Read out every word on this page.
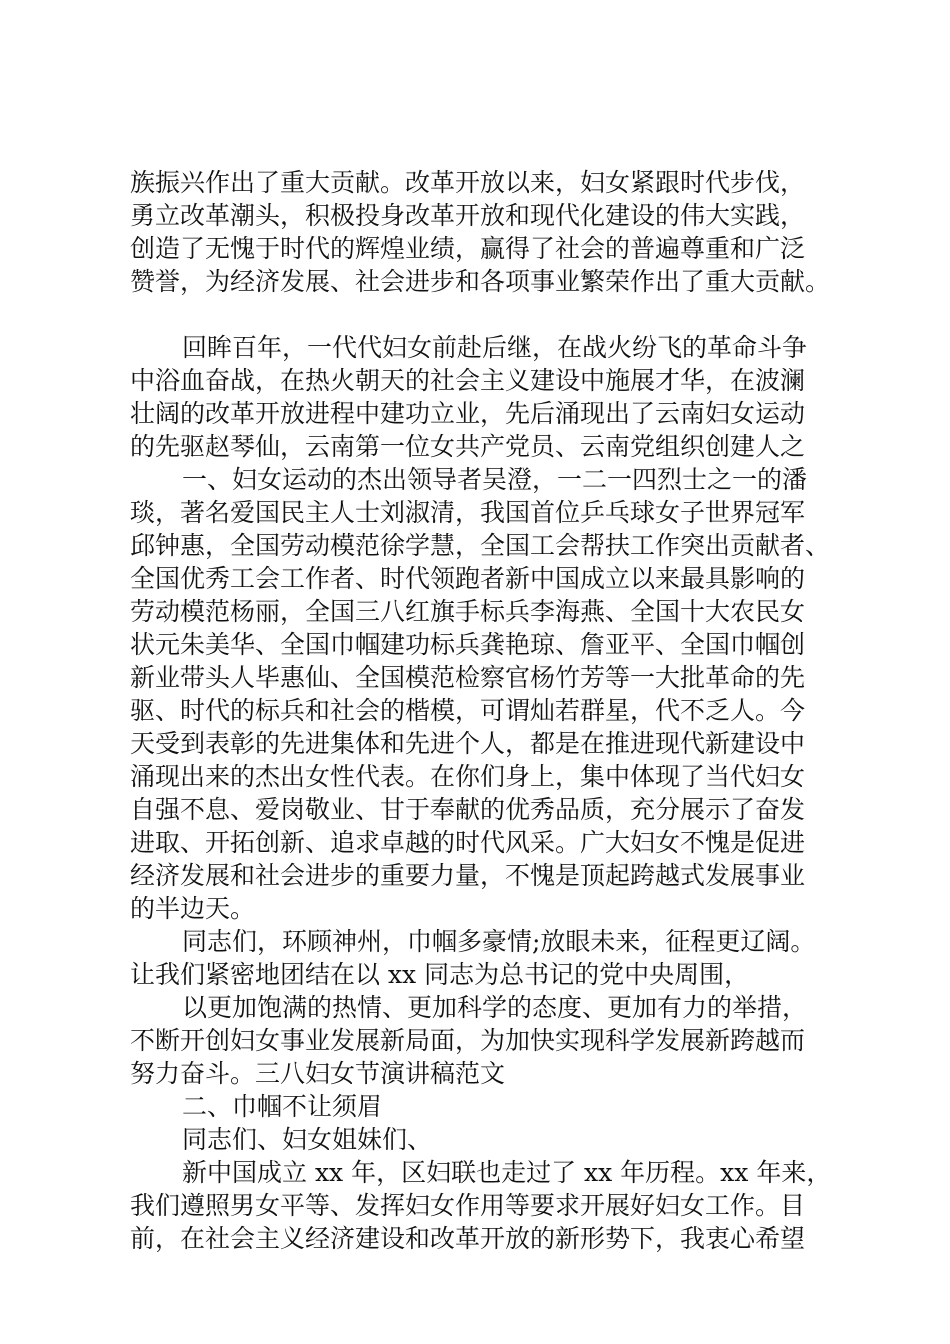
族振兴作出了重大贡献。改革开放以来，妇女紧跟时代步伐，
勇立改革潮头，积极投身改革开放和现代化建设的伟大实践，
创造了无愧于时代的辉煌业绩，赢得了社会的普遍尊重和广泛
赞誉，为经济发展、社会进步和各项事业繁荣作出了重大贡献。
回眸百年，一代代妇女前赴后继，在战火纷飞的革命斗争
中浴血奋战，在热火朝天的社会主义建设中施展才华，在波澜
壮阔的改革开放进程中建功立业，先后涌现出了云南妇女运动
的先驱赵琴仙，云南第一位女共产党员、云南党组织创建人之
一、妇女运动的杰出领导者吴澄，一二一四烈士之一的潘
琰，著名爱国民主人士刘淑清，我国首位乒乓球女子世界冠军
邱钟惠，全国劳动模范徐学慧，全国工会帮扶工作突出贡献者、
全国优秀工会工作者、时代领跑者新中国成立以来最具影响的
劳动模范杨丽，全国三八红旗手标兵李海燕、全国十大农民女
状元朱美华、全国巾帼建功标兵龚艳琼、詹亚平、全国巾帼创
新业带头人毕惠仙、全国模范检察官杨竹芳等一大批革命的先
驱、时代的标兵和社会的楷模，可谓灿若群星，代不乏人。今
天受到表彰的先进集体和先进个人，都是在推进现代新建设中
涌现出来的杰出女性代表。在你们身上，集中体现了当代妇女
自强不息、爱岗敬业、甘于奉献的优秀品质，充分展示了奋发
进取、开拓创新、追求卓越的时代风采。广大妇女不愧是促进
经济发展和社会进步的重要力量，不愧是顶起跨越式发展事业
的半边天。
同志们，环顾神州，巾帼多豪情;放眼未来，征程更辽阔。
让我们紧密地团结在以 xx 同志为总书记的党中央周围，
以更加饱满的热情、更加科学的态度、更加有力的举措，
不断开创妇女事业发展新局面，为加快实现科学发展新跨越而
努力奋斗。三八妇女节演讲稿范文
二、巾帼不让须眉
同志们、妇女姐妹们、
新中国成立 xx 年，区妇联也走过了 xx 年历程。xx 年来，
我们遵照男女平等、发挥妇女作用等要求开展好妇女工作。目
前，在社会主义经济建设和改革开放的新形势下，我衷心希望
